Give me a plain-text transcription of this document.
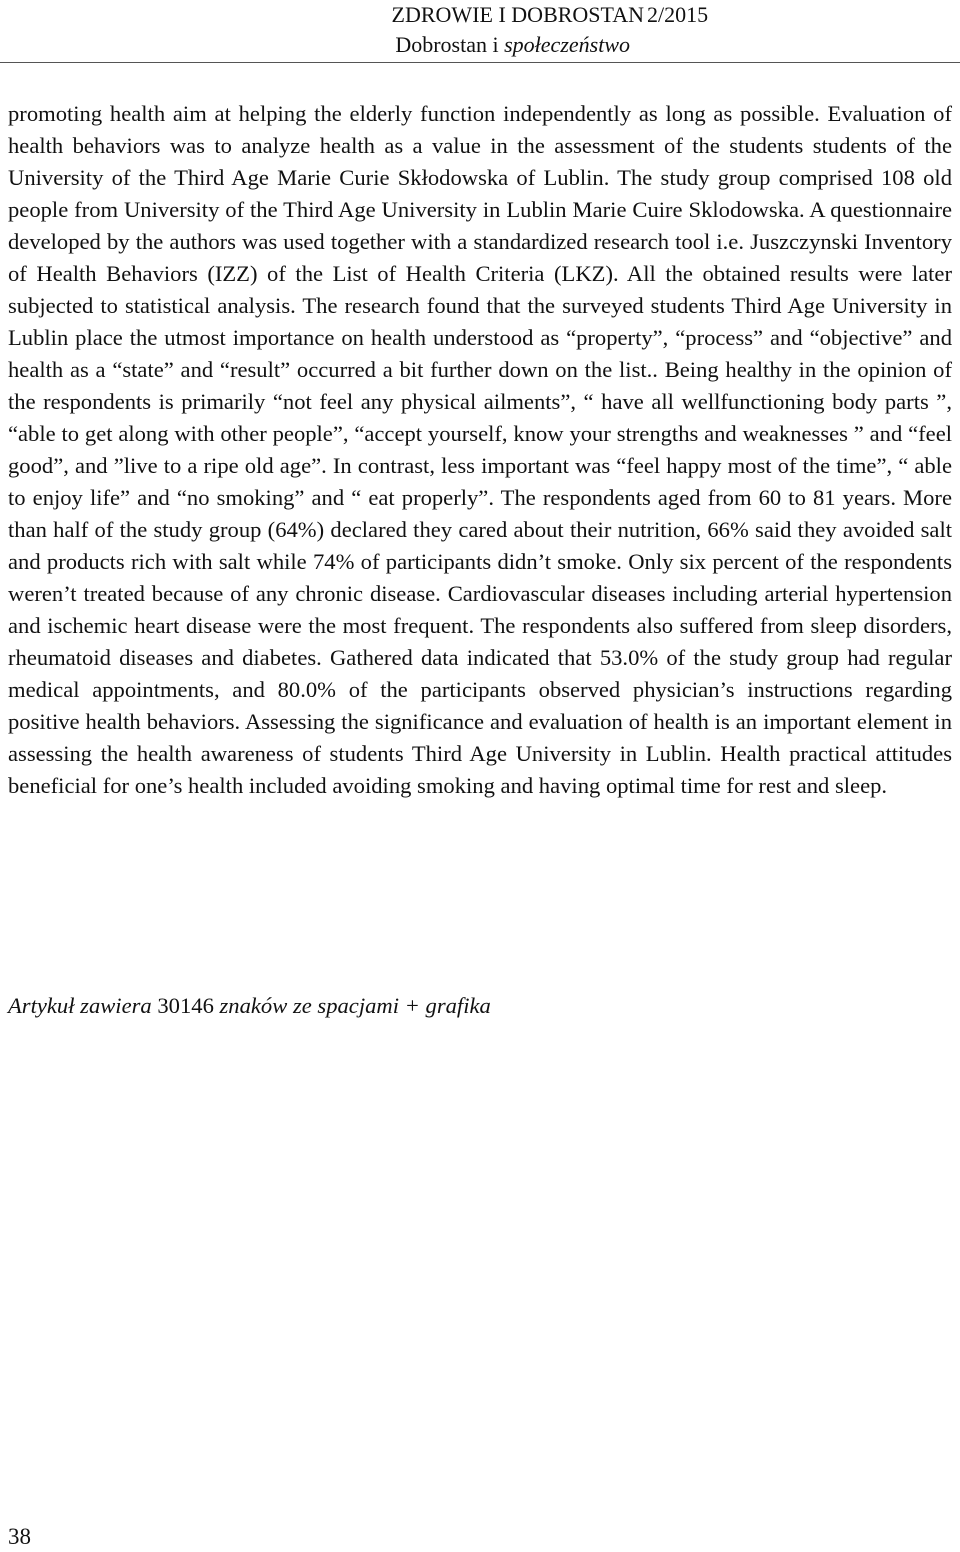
ZDROWIE I DOBROSTAN 2/2015
Dobrostan i społeczeństwo

promoting health aim at helping the elderly function independently as long as possible. Evaluation of health behaviors was to analyze health as a value in the assessment of the students students of the University of the Third Age Marie Curie Skłodowska of Lublin. The study group comprised 108 old people from University of the Third Age University in Lublin Marie Cuire Sklodowska. A questionnaire developed by the authors was used together with a standardized research tool i.e. Juszczynski Inventory of Health Behaviors (IZZ) of the List of Health Criteria (LKZ). All the obtained results were later subjected to statistical analysis. The research found that the surveyed students Third Age University in Lublin place the utmost importance on health understood as “property”, “process” and “objective” and health as a “state” and “result” occurred a bit further down on the list.. Being healthy in the opinion of the respondents is primarily “not feel any physical ailments”, “ have all wellfunctioning body parts ”, “able to get along with other people”, “accept yourself, know your strengths and weaknesses ” and “feel good”, and ”live to a ripe old age”. In contrast, less important was “feel happy most of the time”, “ able to enjoy life” and “no smoking” and “ eat properly”. The respondents aged from 60 to 81 years. More than half of the study group (64%) declared they cared about their nutrition, 66% said they avoided salt and products rich with salt while 74% of participants didn’t smoke. Only six percent of the respondents weren’t treated because of any chronic disease. Cardiovascular diseases including arterial hypertension and ischemic heart disease were the most frequent. The respondents also suffered from sleep disorders, rheumatoid diseases and diabetes. Gathered data indicated that 53.0% of the study group had regular medical appointments, and 80.0% of the participants observed physician’s instructions regarding positive health behaviors. Assessing the significance and evaluation of health is an important element in assessing the health awareness of students Third Age University in Lublin. Health practical attitudes beneficial for one’s health included avoiding smoking and having optimal time for rest and sleep.

Artykuł zawiera 30146 znaków ze spacjami + grafika
38
